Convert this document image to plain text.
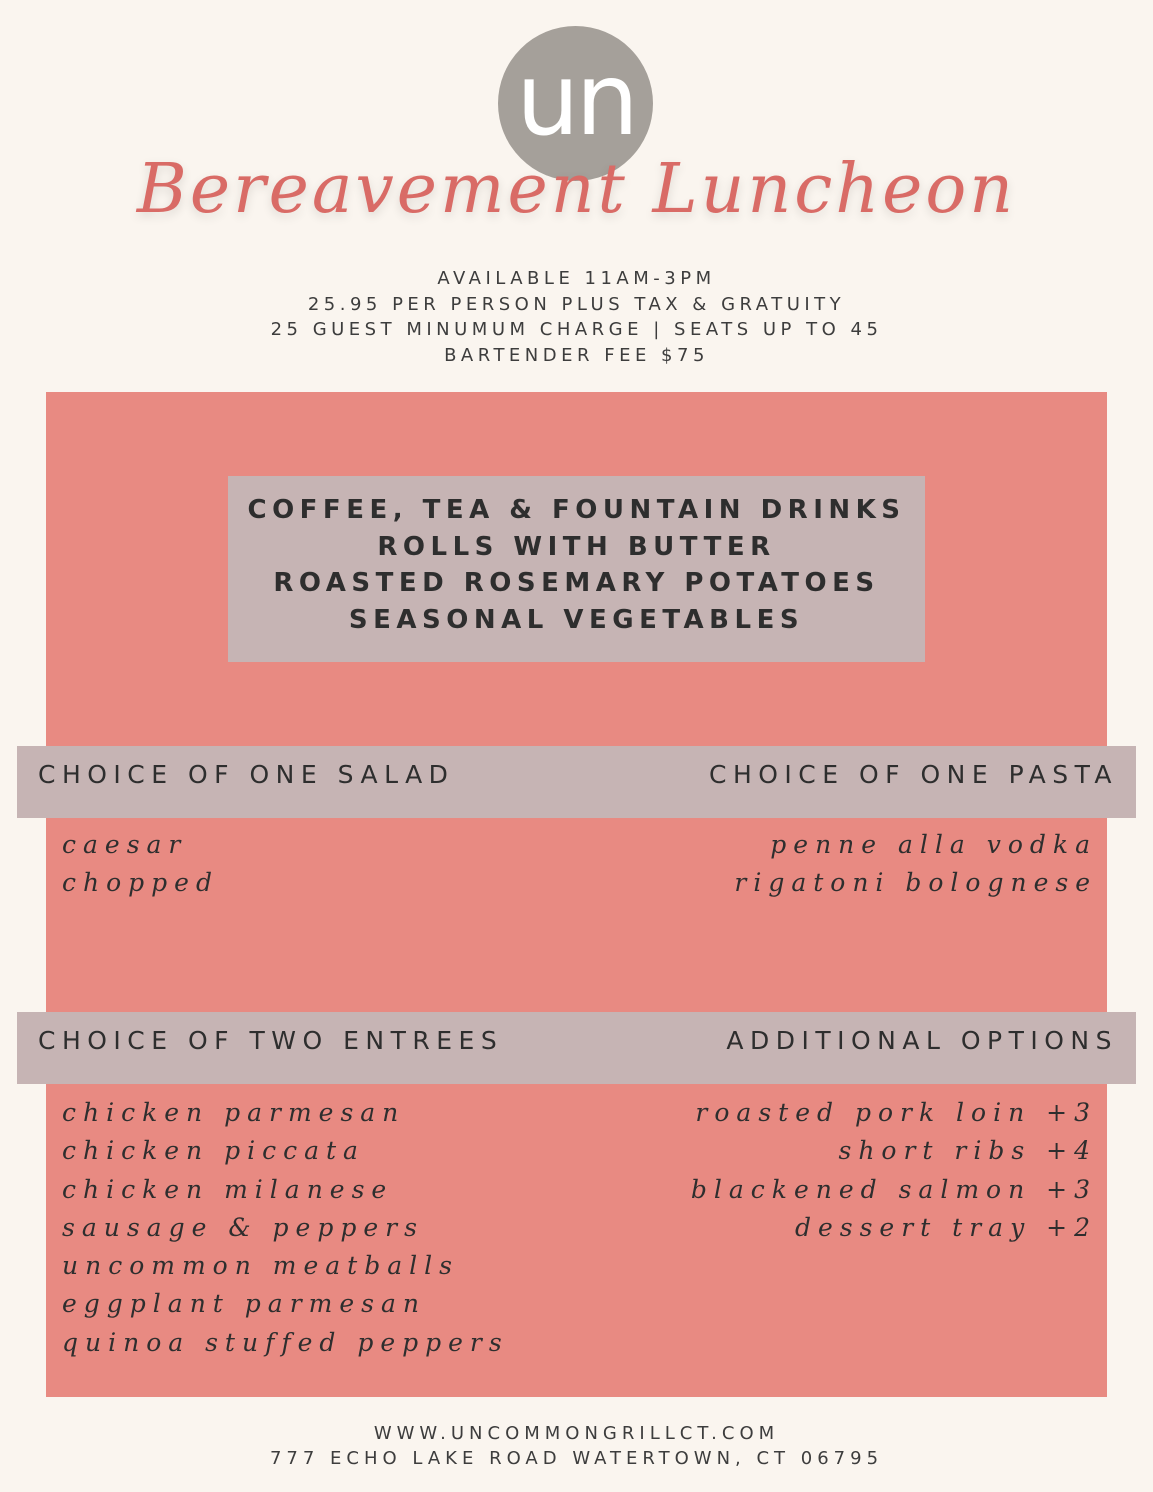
un
Bereavement Luncheon
AVAILABLE 11AM-3PM
25.95 PER PERSON PLUS TAX & GRATUITY
25 GUEST MINUMUM CHARGE | SEATS UP TO 45
BARTENDER FEE $75
COFFEE, TEA & FOUNTAIN DRINKS
ROLLS WITH BUTTER
ROASTED ROSEMARY POTATOES
SEASONAL VEGETABLES
CHOICE OF ONE SALAD	CHOICE OF ONE PASTA
caesar
chopped
penne alla vodka
rigatoni bolognese
CHOICE OF TWO ENTREES	ADDITIONAL OPTIONS
chicken parmesan
chicken piccata
chicken milanese
sausage & peppers
uncommon meatballs
eggplant parmesan
quinoa stuffed peppers
roasted pork loin +3
short ribs +4
blackened salmon +3
dessert tray +2
WWW.UNCOMMONGRILLCT.COM
777 ECHO LAKE ROAD WATERTOWN, CT 06795
